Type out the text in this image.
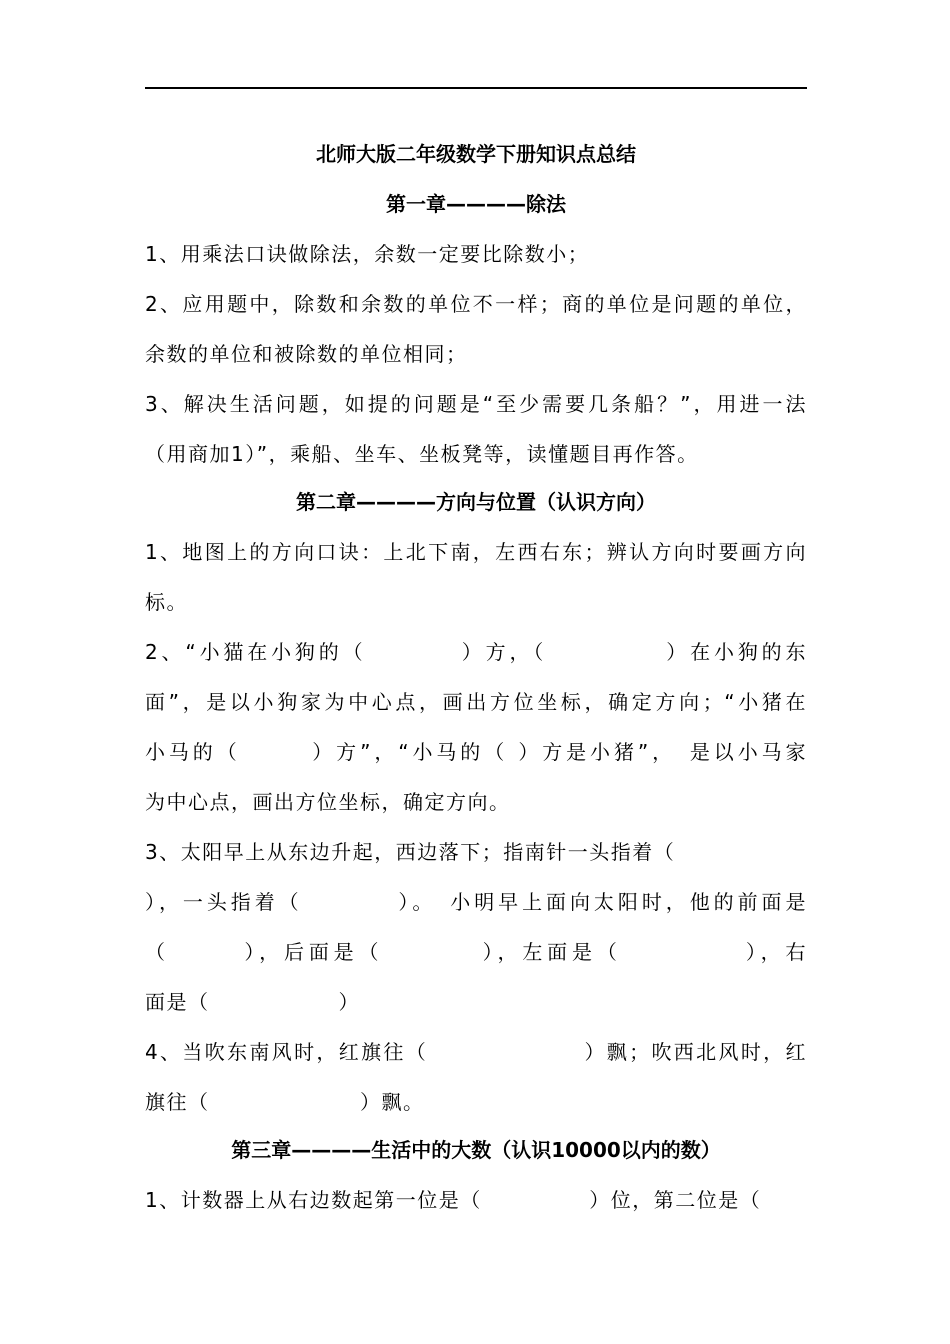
北师大版二年级数学下册知识点总结
第一章————除法
1、用乘法口诀做除法，余数一定要比除数小；
2、应用题中，除数和余数的单位不一样；商的单位是问题的单位，
余数的单位和被除数的单位相同；
3、解决生活问题，如提的问题是“至少需要几条船？”，用进一法
（用商加1）”，乘船、坐车、坐板凳等，读懂题目再作答。
第二章————方向与位置（认识方向）
1、地图上的方向口诀：上北下南，左西右东；辨认方向时要画方向
标。
2、“小猫在小狗的（　　　　）方，（　　　　　）在小狗的东
面”，是以小狗家为中心点，画出方位坐标，确定方向；“小猪在
小马的（　　　）方”，“小马的（ ）方是小猪”，　是以小马家
为中心点，画出方位坐标，确定方向。
3、太阳早上从东边升起，西边落下；指南针一头指着（
），一头指着（　　　　）。　小明早上面向太阳时，他的前面是
（　　　），后面是（　　　　），左面是（　　　　　），右
面是（　　　　　　）
4、当吹东南风时，红旗往（　　　　　　　）飘；吹西北风时，红
旗往（　　　　　　　）飘。
第三章————生活中的大数（认识10000以内的数）
1、计数器上从右边数起第一位是（　　　　　）位，第二位是（
